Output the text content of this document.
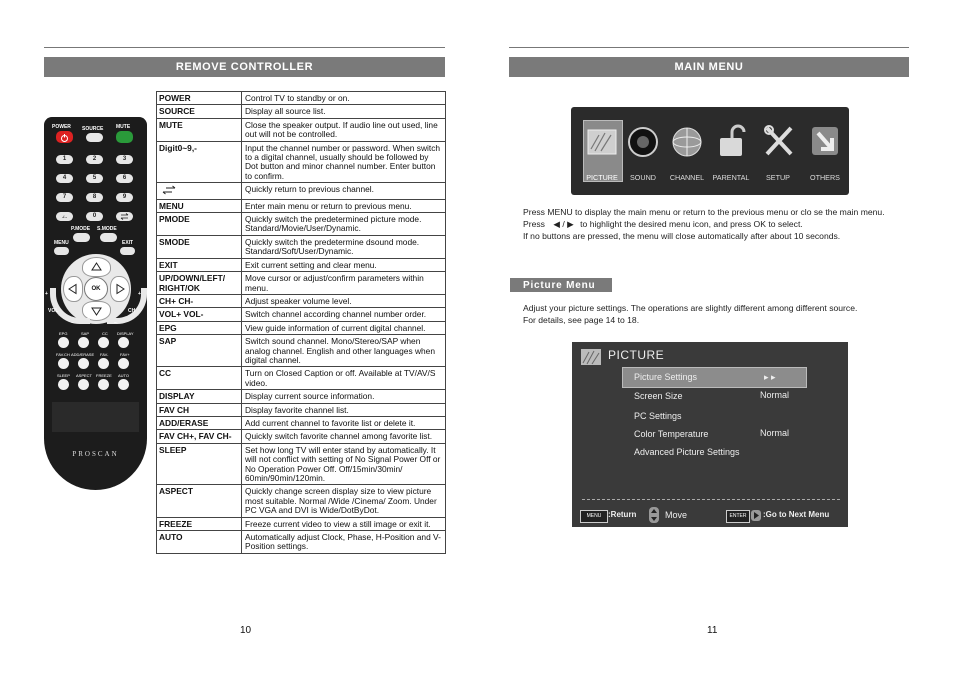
REMOVE CONTROLLER
POWER SOURCE	MUTE
1	2	3
4	5	6
7	8	9
-/--	0
P.MODE S.MODE
MENU	EXIT
OK
+	+
VOL	CH
−	−
EPG	SAP	CC DISPLAY
FAV.CH ADD/ERASE FAV-	FAV+
SLEEP ASPECT FREEZE AUTO
PROSCAN
POWER	Control TV to standby or on.
SOURCE	Display all source list.
MUTE	Close the speaker output. If audio line out used, line out will not be controlled.
Digit0~9,-	Input the channel number or password. When switch to a digital channel, usually should be followed by Dot button and minor channel number. Enter button to confirm.
	Quickly return to previous channel.
MENU	Enter main menu or return to previous menu.
PMODE	Quickly switch the predetermined picture mode. Standard/Movie/User/Dynamic.
SMODE	Quickly switch the predetermine dsound mode. Standard/Soft/User/Dynamic.
EXIT	Exit current setting and clear menu.
UP/DOWN/LEFT/ RIGHT/OK	Move cursor or adjust/confirm parameters within menu.
CH+ CH-	Adjust speaker volume level.
VOL+ VOL-	Switch channel according channel number order.
EPG	View guide information of current digital channel.
SAP	Switch sound channel. Mono/Stereo/SAP when analog channel. English and other languages when digital channel.
CC	Turn on Closed Caption or off. Available at TV/AV/S video.
DISPLAY	Display current source information.
FAV CH	Display favorite channel list.
ADD/ERASE	Add current channel to favorite list or delete it.
FAV CH+, FAV CH-	Quickly switch favorite channel among favorite list.
SLEEP	Set how long TV will enter stand by automatically. It will not conflict with setting of No Signal Power Off or No Operation Power Off. Off/15min/30min/ 60min/90min/120min.
ASPECT	Quickly change screen display size to view picture most suitable. Normal /Wide /Cinema/ Zoom. Under PC VGA and DVI is Wide/DotByDot.
FREEZE	Freeze current video to view a still image or exit it.
AUTO	Automatically adjust Clock, Phase, H-Position and V-Position settings.
10
MAIN MENU
PICTURE	SOUND	CHANNEL	PARENTAL	SETUP	OTHERS
Press MENU to display the main menu or return to the previous menu or clo se the main menu.
Press ◀ / ▶ to highlight the desired menu icon, and press OK to select.
If no buttons are pressed, the menu will close automatically after about 10 seconds.
Picture Menu
Adjust your picture settings. The operations are slightly different among different source.
For details, see page 14 to 18.
PICTURE
Picture Settings	▸ ▸
Screen Size	Normal
PC Settings
Color Temperature	Normal
Advanced Picture Settings
MENU :Return	Move	ENTER	:Go to Next Menu
11
